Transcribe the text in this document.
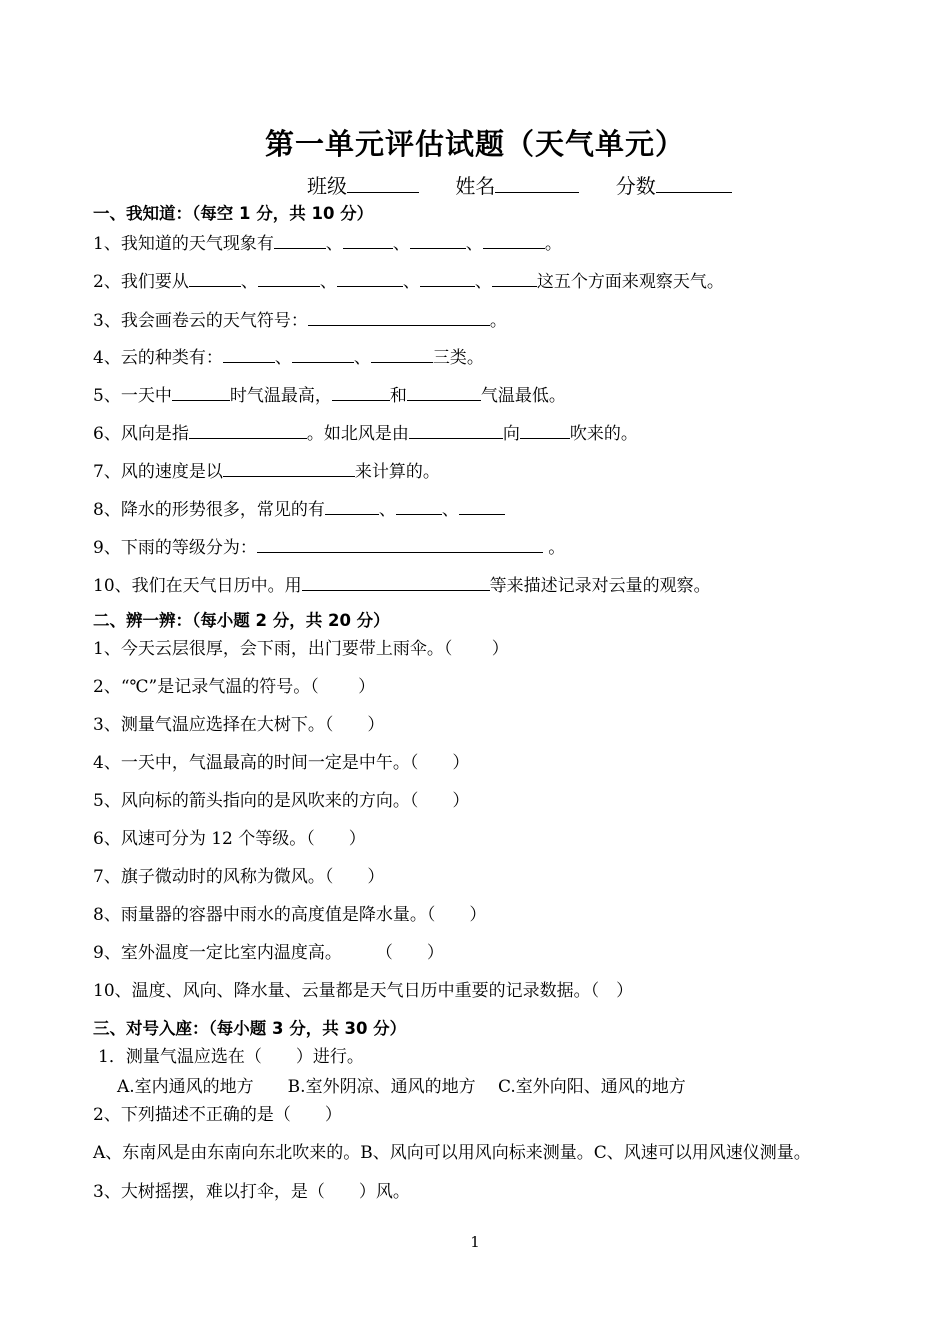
第一单元评估试题（天气单元）
班级	姓名	分数
一、我知道：（每空 1 分，共 10 分）
1、我知道的天气现象有	、	、	、	。
2、我们要从	、	、	、	、	这五个方面来观察天气。
3、我会画卷云的天气符号：	。
4、云的种类有：	、	、	三类。
5、一天中	时气温最高，	和	气温最低。
6、风向是指	。如北风是由	向	吹来的。
7、风的速度是以	来计算的。
8、降水的形势很多，常见的有	、	、
9、下雨的等级分为：	。
10、我们在天气日历中。用	等来描述记录对云量的观察。
二、辨一辨：（每小题 2 分，共 20 分）
1、今天云层很厚，会下雨，出门要带上雨伞。（　　 ）
2、“℃”是记录气温的符号。（　　 ）
3、测量气温应选择在大树下。（　　）
4、一天中，气温最高的时间一定是中午。（　　）
5、风向标的箭头指向的是风吹来的方向。（　　）
6、风速可分为 12 个等级。（　　）
7、旗子微动时的风称为微风。（　　）
8、雨量器的容器中雨水的高度值是降水量。（　　）
9、室外温度一定比室内温度高。　　　（　　）
10、温度、风向、降水量、云量都是天气日历中重要的记录数据。（　）
三、对号入座：（每小题 3 分，共 30 分）
1．测量气温应选在（　　）进行。
A.室内通风的地方　　B.室外阴凉、通风的地方　 C.室外向阳、通风的地方
2、下列描述不正确的是（　　）
A、东南风是由东南向东北吹来的。B、风向可以用风向标来测量。C、风速可以用风速仪测量。
3、大树摇摆，难以打伞，是（　　）风。
1
